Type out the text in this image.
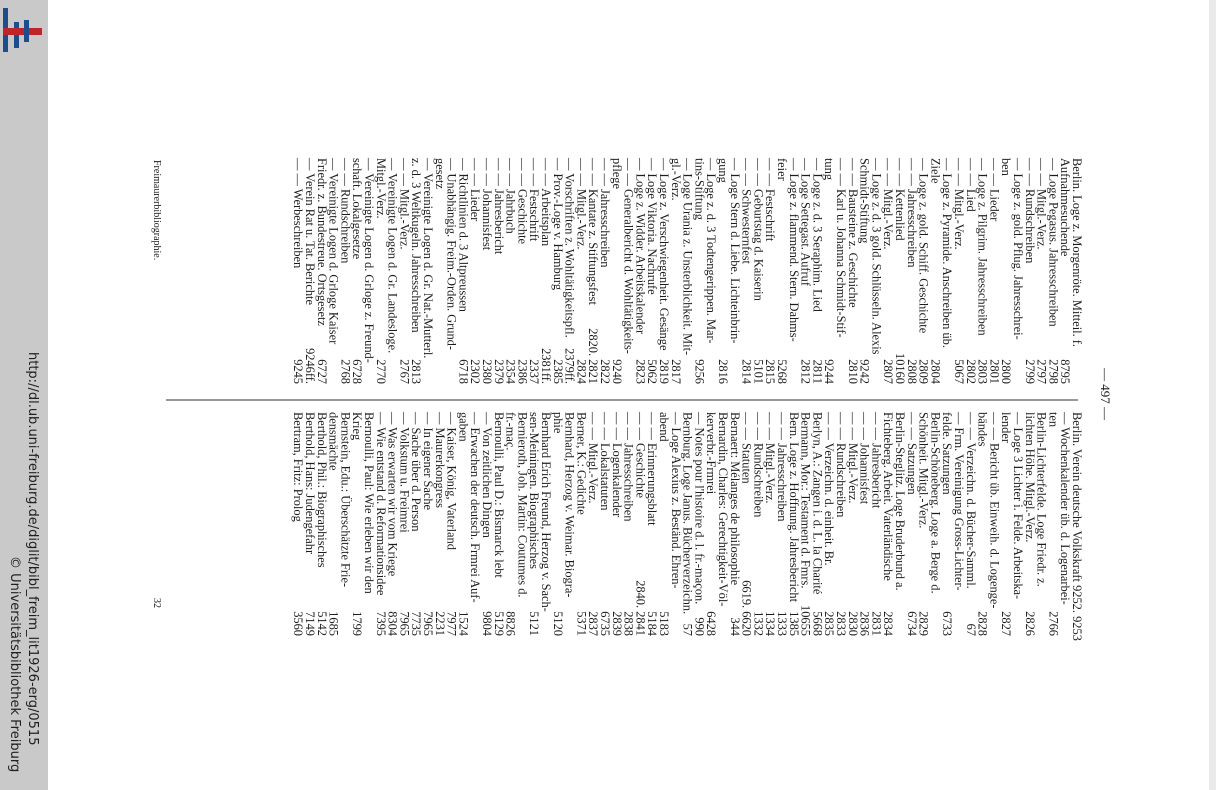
http://dl.ub.uni-freiburg.de/diglit/bibl_freim_lit1926-erg/0515
© Universitätsbibliothek Freiburg
— 497 —
Berlin. Loge z. Morgenröte. Mitteil. f.
Aufnahmesuchende
8795
— Loge Pegasus. Jahresschreiben
2798
— — Mitgl.-Verz.
2797
— — Rundschreiben
2799
— Loge z. gold. Pflug. Jahresschrei-
ben
2800
— — Lieder
2801
— Loge z. Pilgrim. Jahresschreiben
2803
— — Lied
2802
— — Mitgl.-Verz.
5067
— Loge z. Pyramide. Anschreiben üb.
Ziele
2804
— Loge z. gold. Schiff. Geschichte
2809
— — Jahresschreiben
2808
— — Kettenlied
10160
— — Mitgl.-Verz.
2807
— Loge z. d. 3 gold. Schlüsseln. Alexis
Schmidt-Stiftung
9242
— — Bausteine z. Geschichte
2810
— — Karl u. Johanna Schmidt-Stif-
tung
9244
— Loge z. d. 3 Seraphim. Lied
2811
— Loge Settegast. Aufruf
2812
— Loge z. flammend. Stern. Dahms-
feier
5268
— — Festschrift
2815
— — Geburtstag d. Kaiserin
5101
— — Schwesternfest
2814
— Loge Stern d. Liebe. Lichteinbrin-
gung
2816
— Loge z. d. 3 Todtengerippen. Mar-
tins-Stiftung
9256
— Loge Urania z. Unsterblichkeit. Mit-
gl.-Verz.
2817
— Loge z. Verschwiegenheit. Gesänge
2819
— Loge Viktoria. Nachrufe
5062
— Loge z. Widder. Arbeitskalender
2823
— — Generalbericht d. Wohltätigkeits-
pflege
9240
— — Jahresschreiben
2822
— — Kantate z. Stiftungsfest
2820. 2821
— — Mitgl.-Verz.
2824
— Vorschriften z. Wohltätigkeitspfl.
2379ff.
— Prov.-Loge v. Hamburg
2385
— — Arbeitsplan
2381ff.
— — Festschrift
2337
— — Geschichte
2386
— — Jahrbuch
2354
— — Jahresbericht
2379
— — Johannisfest
2380
— — Lieder
2302
— Richtlinien d. 3 Altpreussen
6718
— Unabhängig. Freim.-Orden. Grund-
gesetz
— Vereinigte Logen d. Gr. Nat.-Mutterl.
z. d. 3 Weltkugeln. Jahresschreiben
2813
— — Mitgl.-Verz.
2767
— Vereinigte Logen d. Gr. Landesloge.
Mitgl.-Verz.
2770
— Vereinigte Logen d. Grloge z. Freund-
schaft. Lokalgesetze
6728
— — Rundschreiben
2768
— Vereinigte Logen d. Grloge Kaiser
Friedr. z. Bundestreue. Ortsgesetz
6727
— Verein Rat u. Tat. Berichte
9246ff.
— — Werbeschreiben
9245
Berlin. Verein deutsche Volkskraft 9252. 9253
— Wochenkalender üb. d. Logenarbei-
ten
2766
Berlin-Lichterfelde. Loge Friedr. z.
lichten Höhe. Mitgl.-Verz.
2826
— Loge 3 Lichter i. Felde. Arbeitska-
lender
2827
— — Bericht üb. Einweih. d. Logenge-
bändes
2828
— — Verzeichn. d. Bücher-Samml.
67
— Frm. Vereinigung Gross-Lichter-
felde. Satzungen
6733
Berlin-Schöneberg. Loge a. Berge d.
Schönheit. Mitgl.-Verz.
2829
— — Satzungen
6734
Berlin-Steglitz. Loge Bruderbund a.
Fichteberg. Arbeit. Vaterländische
2834
— — Jahresbericht
2831
— — Johannisfest
2836
— — Mitgl.-Verz.
2830
— — Rundschreiben
2833
— — Verzeichn. d. einheit. Br.
2835
Berlyn, A.: Zangen i. d. L. la Charité
5668
Bermann, Mor.: Testament d. Fmrs.
10655
Bern. Loge z. Hoffnung. Jahresbericht
1385
— — Jahresschreiben
1333
— — Mitgl.-Verz.
1334
— — Rundschreiben
1332
— — Statuten
6619. 6620
Bernaert: Mélanges de philosophie
344
Bernardin, Charles: Gerechtigkeit-Völ-
kerverbr.-Frmrei
6428
— Notes pour l'histoire d. l. fr.-maçon.
990
Bernburg. Loge Janus. Bücherverzeichn.
57
— Loge Alexius z. Beständ. Ehren-
abend
5183
— — Erinnerungsblatt
5184
— — Geschichte
2840. 2841
— — Jahresschreiben
2838
— — Logenkalender
2839
— — Lokalstatuten
6735
— — Mitgl.-Verz.
2837
Berner, K.: Gedichte
5371
Bernhard, Herzog v. Weimar. Biogra-
phie
5120
Bernhard Erich Freund, Herzog v. Sach-
sen-Meiningen. Biographisches
5121
Bernieroth, Joh. Martin: Coutumes d.
fr.-maç.
8826
Bernoulli, Paul D.: Bismarck lebt
5129
— Von zeitlichen Dingen
9804
— Erwachen der deutsch. Frmrei Auf-
gaben
1524
— Kaiser, König, Vaterland
7977
— Maurerkongress
2231
— In eigener Sache
7965
— Sache über d. Person
7735
— Volkstum u. Freimrei
7965
— Was erwarten wir vom Kriege
8304
— Wie entstand d. Reformationsidee
7395
Bernoulli, Paul: Wie erleben wir den
Krieg
1799
Bernstein, Edu.: Überschätzte Frie-
densmächte
1685
Berthold, Phil.: Biographisches
5142
Berthold, Hans: Judengefahr
7149
Bertram, Fritz: Prolog
3560
Freimaurerbibliographie.
32
